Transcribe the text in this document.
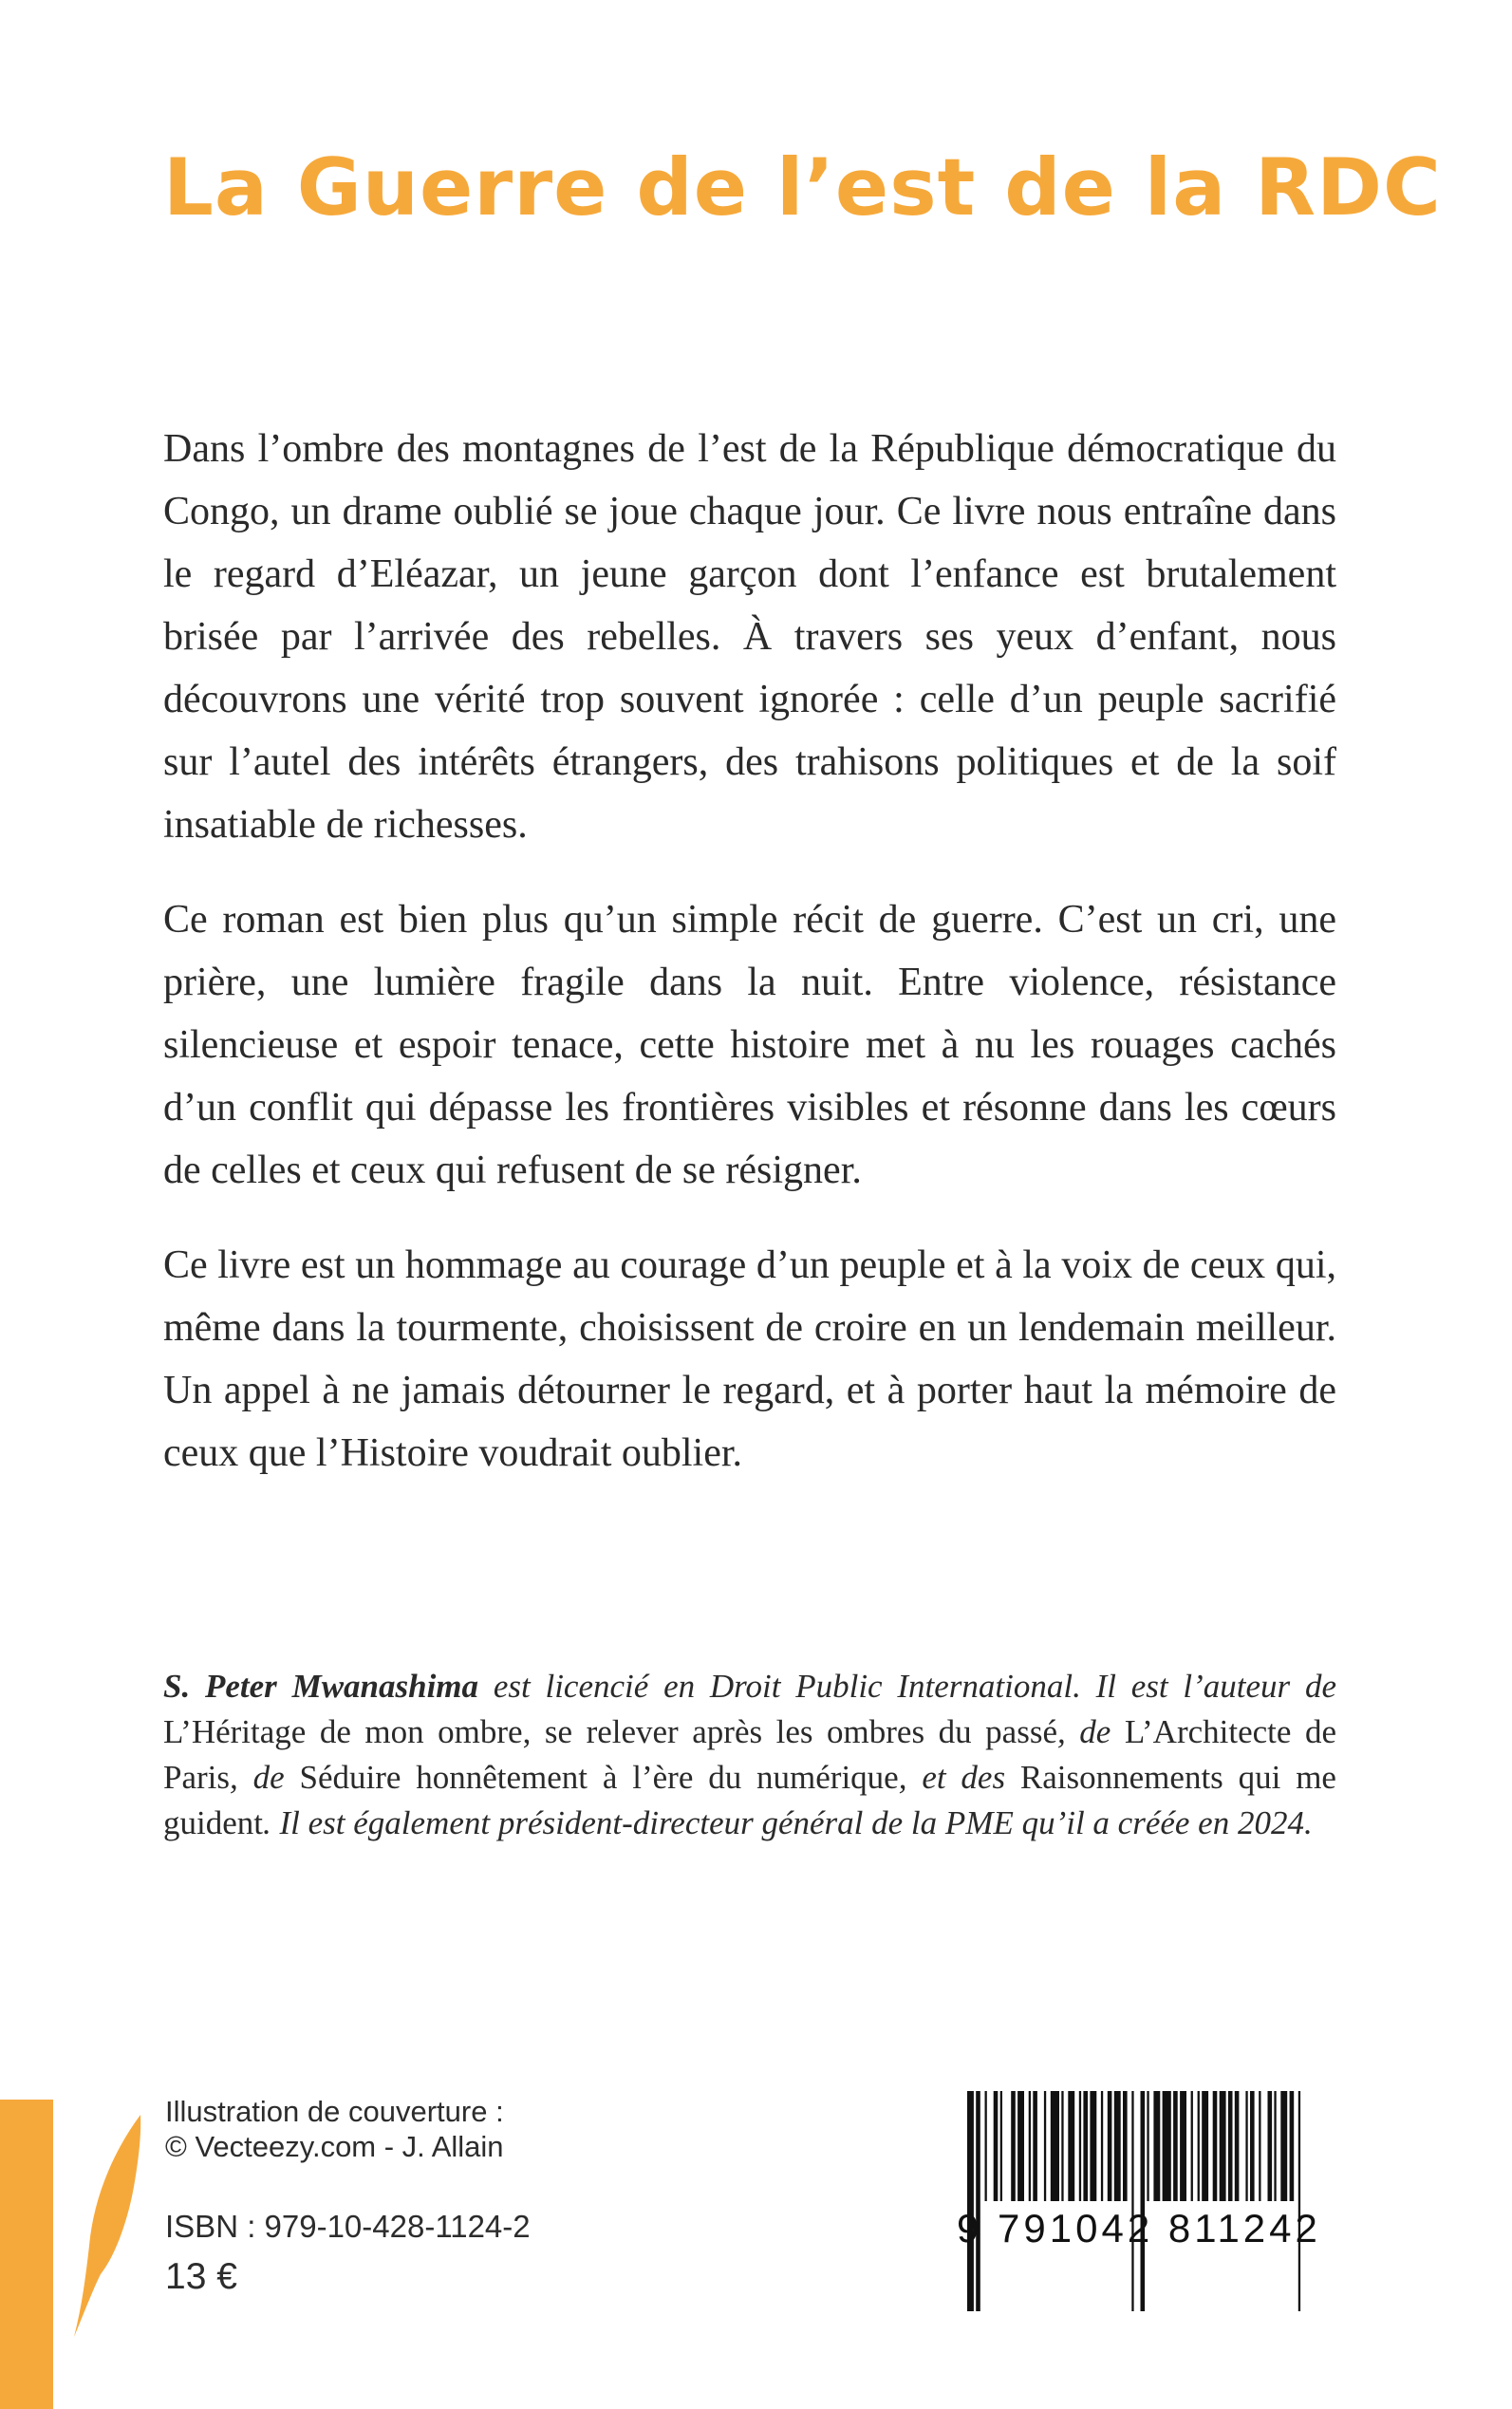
La Guerre de l’est de la RDC

Dans l’ombre des montagnes de l’est de la République démocratique du Congo, un drame oublié se joue chaque jour. Ce livre nous entraîne dans le regard d’Eléazar, un jeune garçon dont l’enfance est brutalement brisée par l’arrivée des rebelles. À travers ses yeux d’enfant, nous découvrons une vérité trop souvent ignorée : celle d’un peuple sacrifié sur l’autel des intérêts étrangers, des trahisons politiques et de la soif insatiable de richesses.

Ce roman est bien plus qu’un simple récit de guerre. C’est un cri, une prière, une lumière fragile dans la nuit. Entre violence, résistance silencieuse et espoir tenace, cette histoire met à nu les rouages cachés d’un conflit qui dépasse les frontières visibles et résonne dans les cœurs de celles et ceux qui refusent de se résigner.

Ce livre est un hommage au courage d’un peuple et à la voix de ceux qui, même dans la tourmente, choisissent de croire en un lendemain meilleur. Un appel à ne jamais détourner le regard, et à porter haut la mémoire de ceux que l’Histoire voudrait oublier.

S. Peter Mwanashima est licencié en Droit Public International. Il est l’auteur de L’Héritage de mon ombre, se relever après les ombres du passé, de L’Architecte de Paris, de Séduire honnêtement à l’ère du numérique, et des Raisonnements qui me guident. Il est également président-directeur général de la PME qu’il a créée en 2024.
Illustration de couverture :
© Vecteezy.com - J. Allain
ISBN : 979-10-428-1124-2
13 €
9 791042 811242
